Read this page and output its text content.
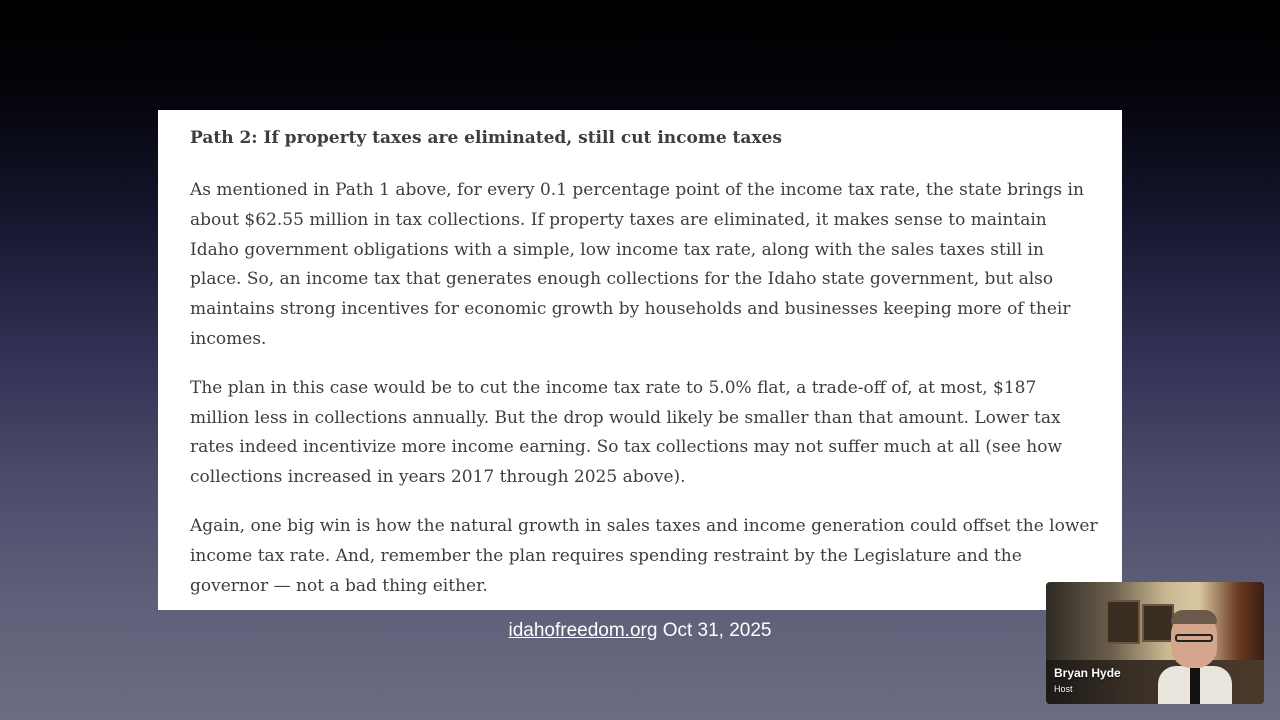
Path 2: If property taxes are eliminated, still cut income taxes

As mentioned in Path 1 above, for every 0.1 percentage point of the income tax rate, the state brings in about $62.55 million in tax collections. If property taxes are eliminated, it makes sense to maintain Idaho government obligations with a simple, low income tax rate, along with the sales taxes still in place. So, an income tax that generates enough collections for the Idaho state government, but also maintains strong incentives for economic growth by households and businesses keeping more of their incomes.

The plan in this case would be to cut the income tax rate to 5.0% flat, a trade-off of, at most, $187 million less in collections annually. But the drop would likely be smaller than that amount. Lower tax rates indeed incentivize more income earning. So tax collections may not suffer much at all (see how collections increased in years 2017 through 2025 above).

Again, one big win is how the natural growth in sales taxes and income generation could offset the lower income tax rate. And, remember the plan requires spending restraint by the Legislature and the governor — not a bad thing either.

idahofreedom.org Oct 31, 2025
Bryan Hyde
Host
